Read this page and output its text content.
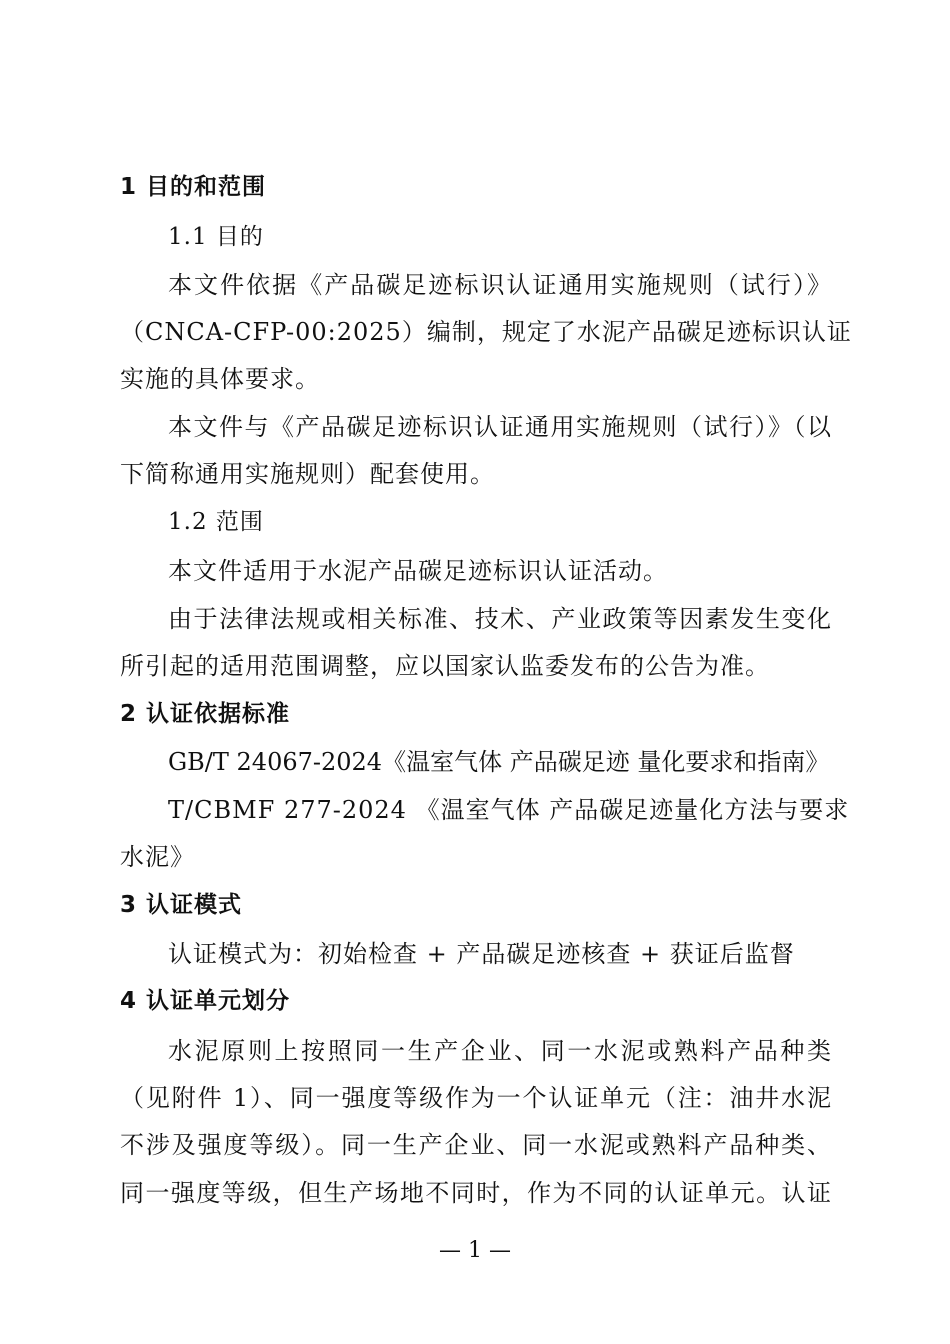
1 目的和范围
1.1 目的
本文件依据《产品碳足迹标识认证通用实施规则（试行）》
（CNCA-CFP-00:2025）编制，规定了水泥产品碳足迹标识认证
实施的具体要求。
本文件与《产品碳足迹标识认证通用实施规则（试行）》（以
下简称通用实施规则）配套使用。
1.2 范围
本文件适用于水泥产品碳足迹标识认证活动。
由于法律法规或相关标准、技术、产业政策等因素发生变化
所引起的适用范围调整，应以国家认监委发布的公告为准。
2 认证依据标准
GB/T 24067-2024《温室气体 产品碳足迹 量化要求和指南》
T/CBMF 277-2024 《温室气体 产品碳足迹量化方法与要求
水泥》
3 认证模式
认证模式为：初始检查 + 产品碳足迹核查 + 获证后监督
4 认证单元划分
水泥原则上按照同一生产企业、同一水泥或熟料产品种类
（见附件 1）、同一强度等级作为一个认证单元（注：油井水泥
不涉及强度等级）。同一生产企业、同一水泥或熟料产品种类、
同一强度等级，但生产场地不同时，作为不同的认证单元。认证
— 1 —
